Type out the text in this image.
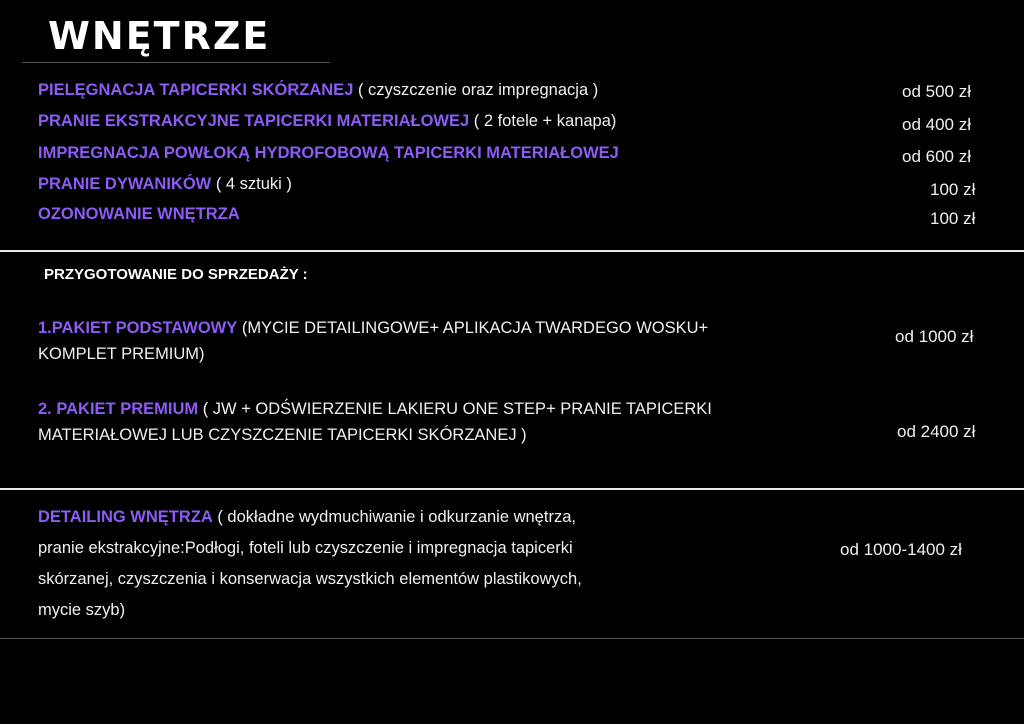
WNĘTRZE
PIELĘGNACJA TAPICERKI SKÓRZANEJ ( czyszczenie oraz impregnacja )
PRANIE EKSTRAKCYJNE TAPICERKI MATERIAŁOWEJ ( 2 fotele + kanapa)
IMPREGNACJA POWŁOKĄ HYDROFOBOWĄ TAPICERKI MATERIAŁOWEJ
PRANIE DYWANIKÓW ( 4 sztuki )
OZONOWANIE WNĘTRZA
od 500 zł
od 400 zł
od 600 zł
100 zł
100 zł
PRZYGOTOWANIE DO SPRZEDAŻY :
1.PAKIET PODSTAWOWY (MYCIE DETAILINGOWE+ APLIKACJA TWARDEGO WOSKU+
KOMPLET PREMIUM)
od 1000 zł
2. PAKIET PREMIUM ( JW + ODŚWIERZENIE LAKIERU ONE STEP+ PRANIE TAPICERKI
MATERIAŁOWEJ LUB CZYSZCZENIE TAPICERKI SKÓRZANEJ )	od 2400 zł
DETAILING WNĘTRZA ( dokładne wydmuchiwanie i odkurzanie wnętrza,
pranie ekstrakcyjne:Podłogi, foteli lub czyszczenie i impregnacja tapicerki
skórzanej, czyszczenia i konserwacja wszystkich elementów plastikowych,
mycie szyb)
od 1000-1400 zł
